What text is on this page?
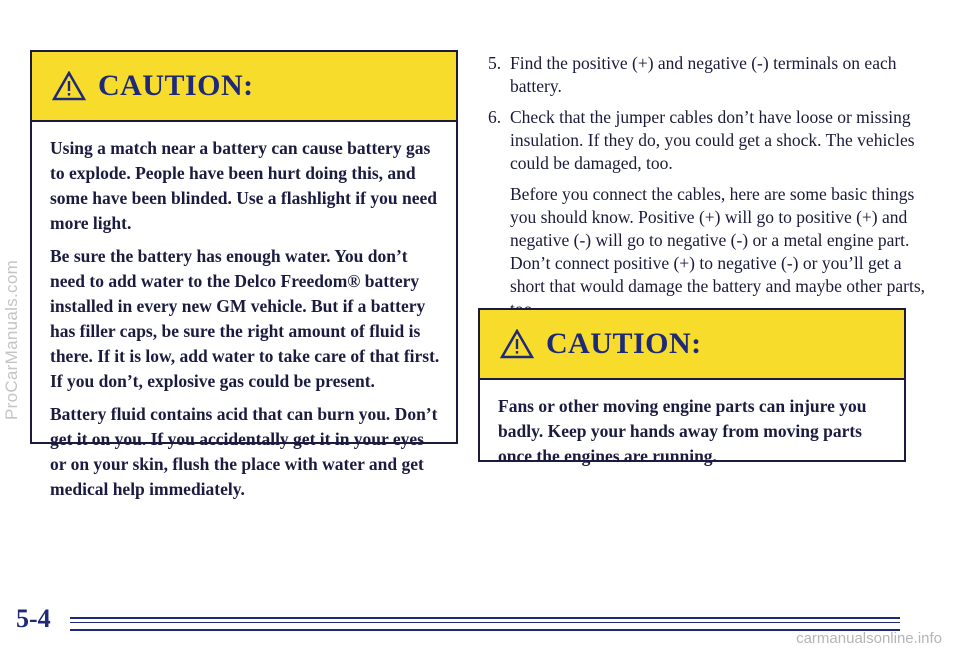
ProCarManuals.com
CAUTION:

Using a match near a battery can cause battery gas to explode. People have been hurt doing this, and some have been blinded. Use a flashlight if you need more light.

Be sure the battery has enough water. You don’t need to add water to the Delco Freedom® battery installed in every new GM vehicle. But if a battery has filler caps, be sure the right amount of fluid is there. If it is low, add water to take care of that first. If you don’t, explosive gas could be present.

Battery fluid contains acid that can burn you. Don’t get it on you. If you accidentally get it in your eyes or on your skin, flush the place with water and get medical help immediately.

5. Find the positive (+) and negative (-) terminals on each battery.
6. Check that the jumper cables don’t have loose or missing insulation. If they do, you could get a shock. The vehicles could be damaged, too.
Before you connect the cables, here are some basic things you should know. Positive (+) will go to positive (+) and negative (-) will go to negative (-) or a metal engine part. Don’t connect positive (+) to negative (-) or you’ll get a short that would damage the battery and maybe other parts,
CAUTION:

Fans or other moving engine parts can injure you badly. Keep your hands away from moving parts once the engines are running.

5-4
carmanualsonline.info
